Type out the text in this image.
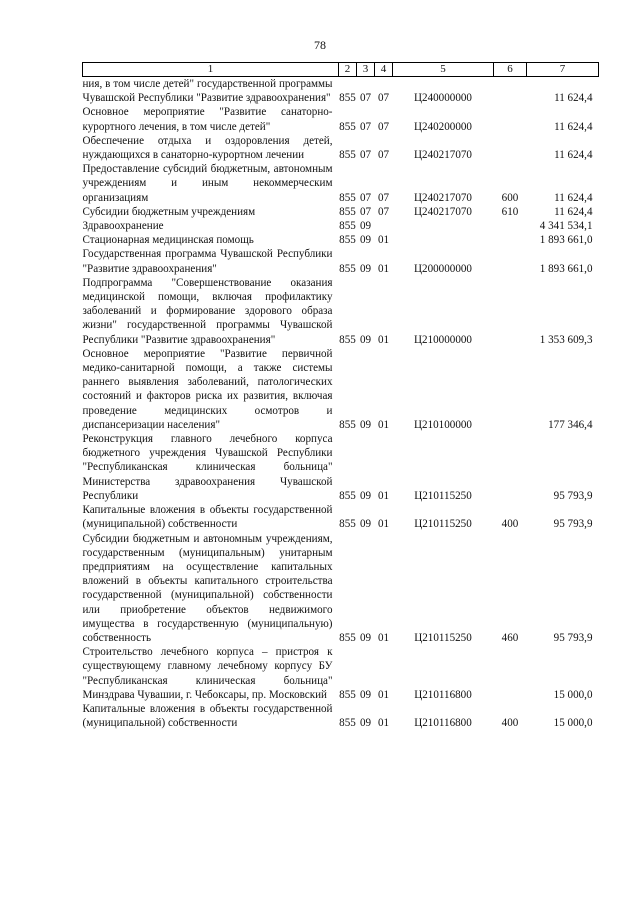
78
1	2	3	4	5	6	7
ния, в том числе детей" государственной программы Чувашской Республики "Развитие здравоохранения"	855	07	07	Ц240000000		11 624,4
Основное мероприятие "Развитие санаторно-курортного лечения, в том числе детей"	855	07	07	Ц240200000		11 624,4
Обеспечение отдыха и оздоровления детей, нуждающихся в санаторно-курортном лечении	855	07	07	Ц240217070		11 624,4
Предоставление субсидий бюджетным, автономным учреждениям и иным некоммерческим организациям	855	07	07	Ц240217070	600	11 624,4
Субсидии бюджетным учреждениям	855	07	07	Ц240217070	610	11 624,4
Здравоохранение	855	09				4 341 534,1
Стационарная медицинская помощь	855	09	01			1 893 661,0
Государственная программа Чувашской Республики "Развитие здравоохранения"	855	09	01	Ц200000000		1 893 661,0
Подпрограмма "Совершенствование оказания медицинской помощи, включая профилактику заболеваний и формирование здорового образа жизни" государственной программы Чувашской Республики "Развитие здравоохранения"	855	09	01	Ц210000000		1 353 609,3
Основное мероприятие "Развитие первичной медико-санитарной помощи, а также системы раннего выявления заболеваний, патологических состояний и факторов риска их развития, включая проведение медицинских осмотров и диспансеризации населения"	855	09	01	Ц210100000		177 346,4
Реконструкция главного лечебного корпуса бюджетного учреждения Чувашской Республики "Республиканская клиническая больница" Министерства здравоохранения Чувашской Республики	855	09	01	Ц210115250		95 793,9
Капитальные вложения в объекты государственной (муниципальной) собственности	855	09	01	Ц210115250	400	95 793,9
Субсидии бюджетным и автономным учреждениям, государственным (муниципальным) унитарным предприятиям на осуществление капитальных вложений в объекты капитального строительства государственной (муниципальной) собственности или приобретение объектов недвижимого имущества в государственную (муниципальную) собственность	855	09	01	Ц210115250	460	95 793,9
Строительство лечебного корпуса – пристроя к существующему главному лечебному корпусу БУ "Республиканская клиническая больница" Минздрава Чувашии, г. Чебоксары, пр. Московский	855	09	01	Ц210116800		15 000,0
Капитальные вложения в объекты государственной (муниципальной) собственности	855	09	01	Ц210116800	400	15 000,0
